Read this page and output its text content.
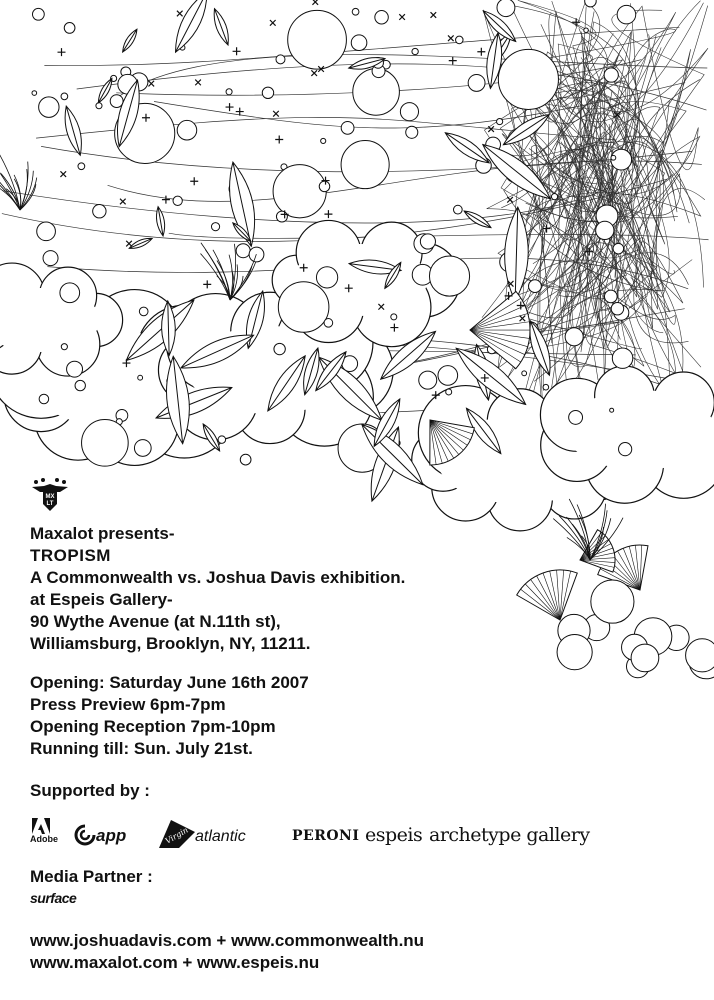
MX
LT
Maxalot presents-
TROPISM
A Commonwealth vs. Joshua Davis exhibition.
at Espeis Gallery-
90 Wythe Avenue (at N.11th st),
Williamsburg, Brooklyn, NY, 11211.
Opening: Saturday June 16th 2007
Press Preview 6pm-7pm
Opening Reception 7pm-10pm
Running till: Sun. July 21st.
Supported by :
Adobe app	Virgin atlantic	PERONI espeis archetype gallery
Media Partner :
surface
www.joshuadavis.com + www.commonwealth.nu
www.maxalot.com + www.espeis.nu
